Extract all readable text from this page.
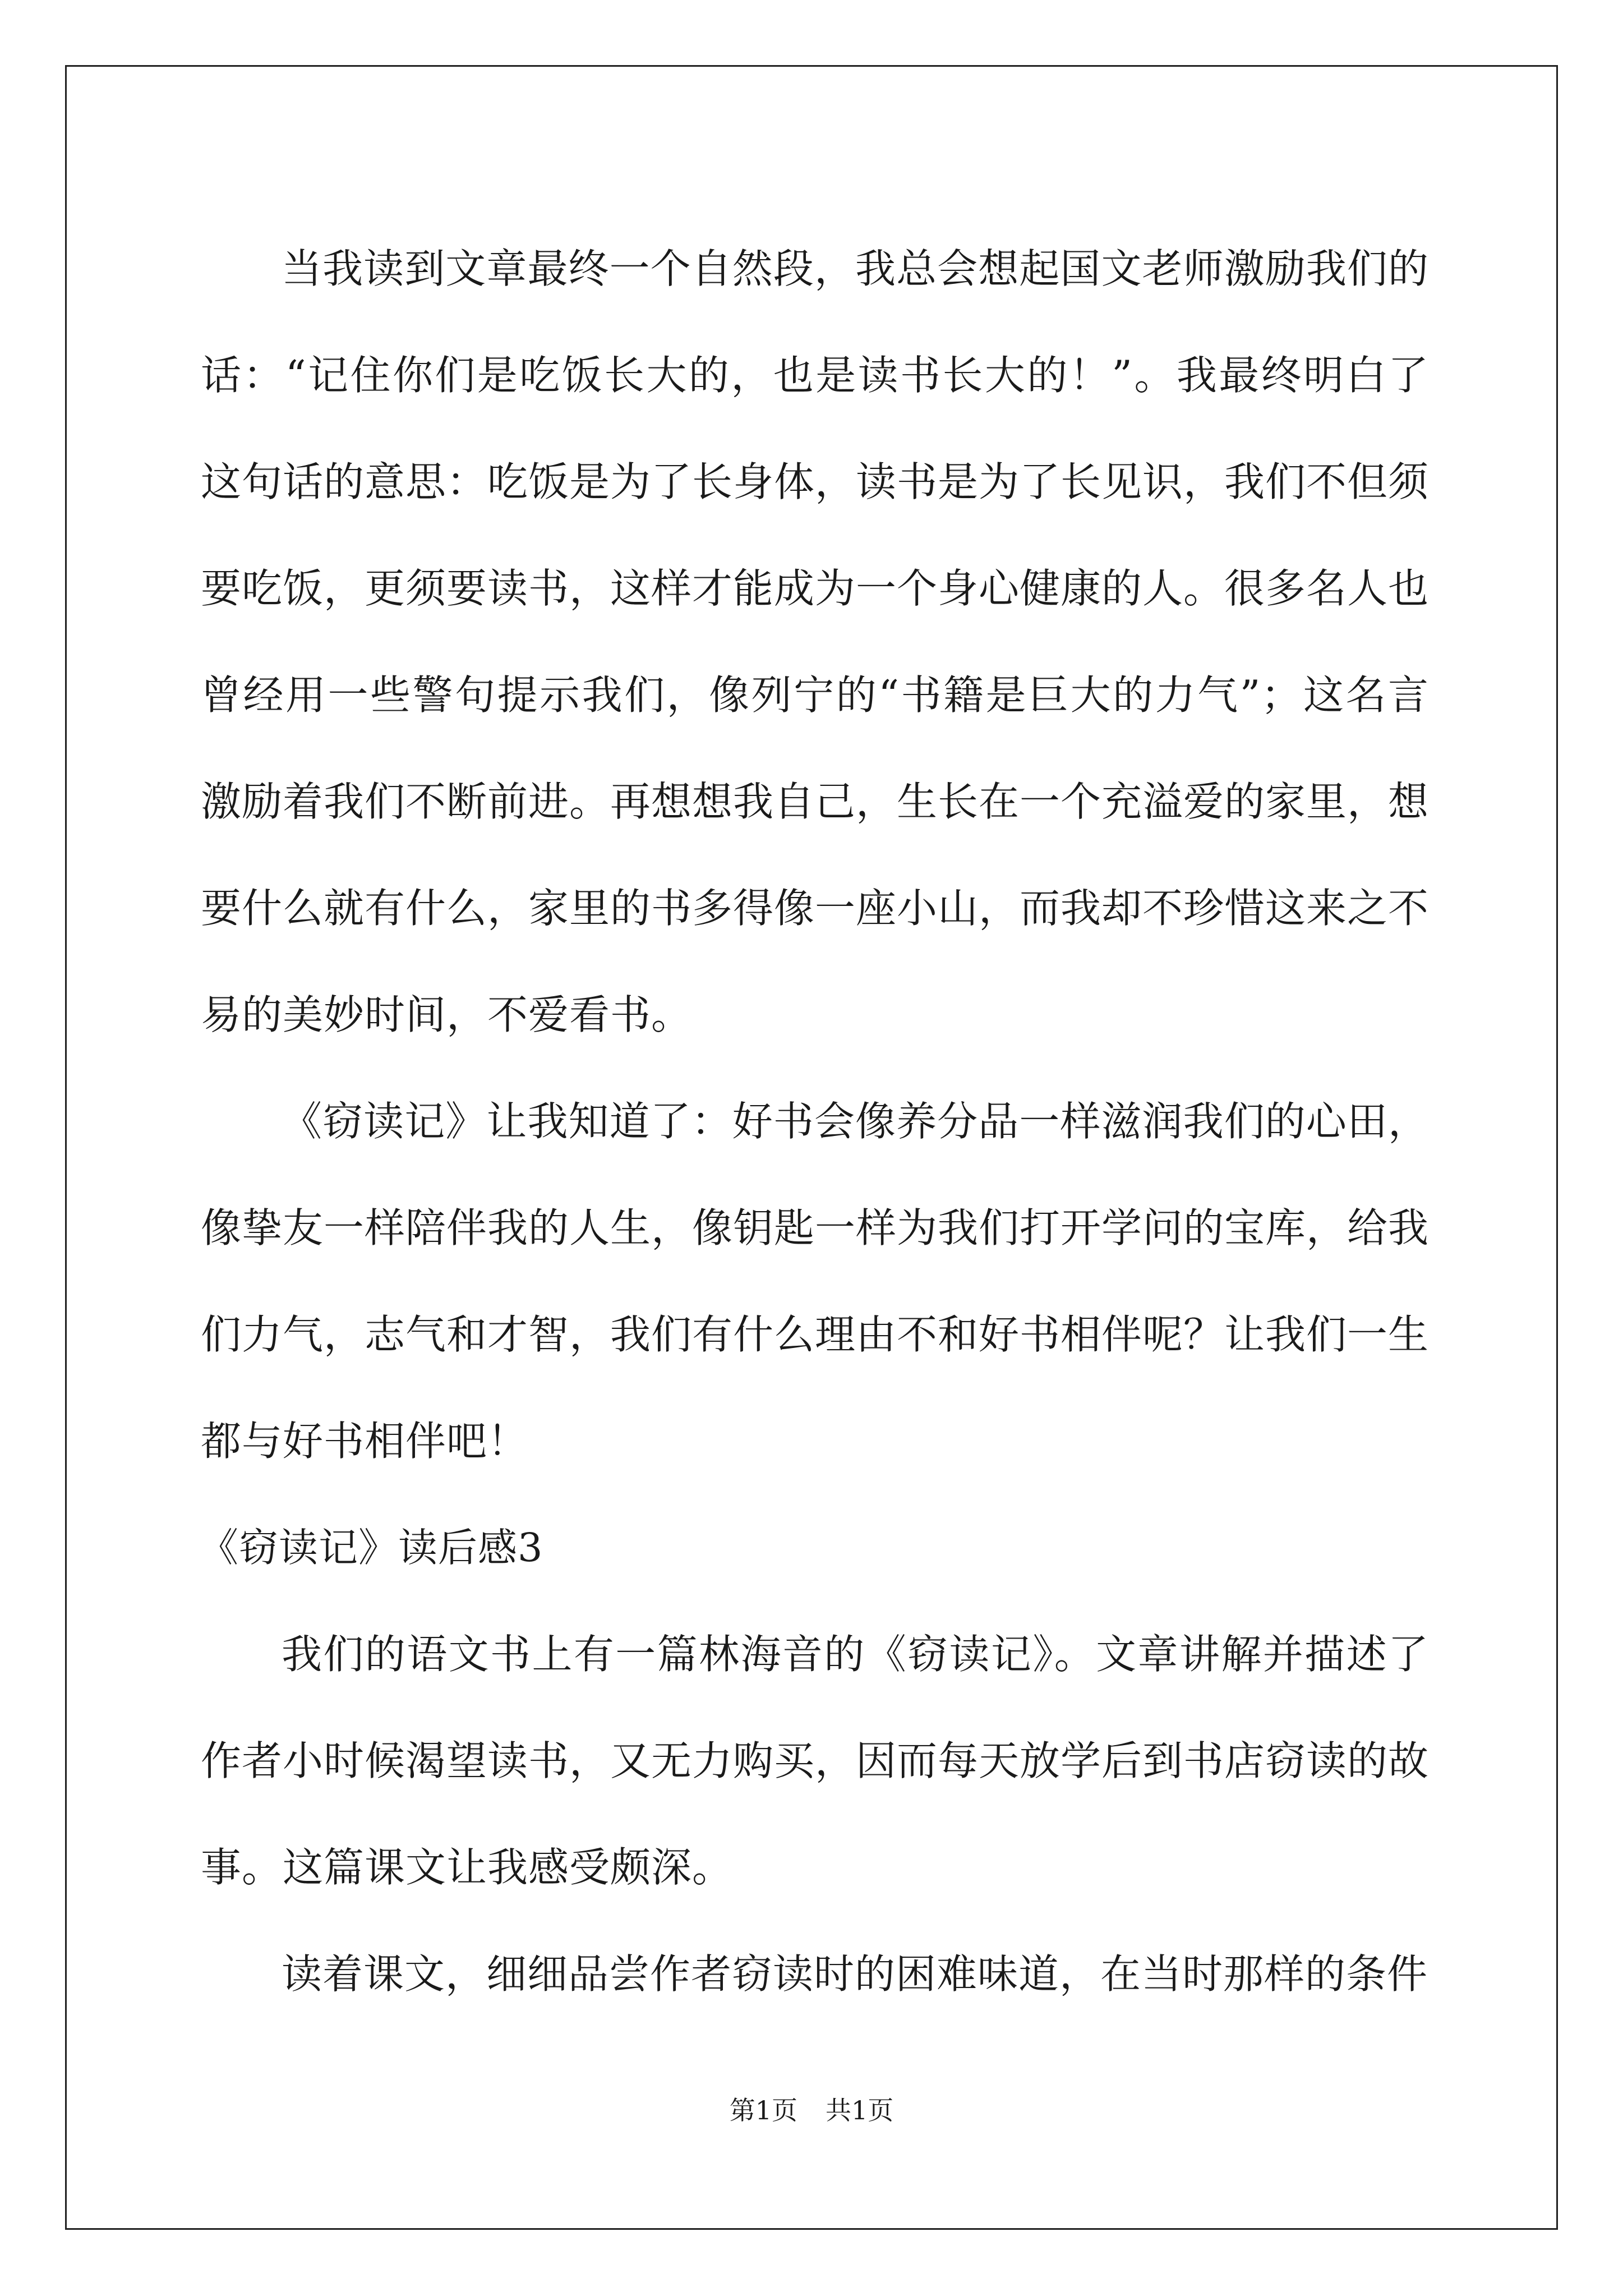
当我读到文章最终一个自然段，我总会想起国文老师激励我们的话：“记住你们是吃饭长大的，也是读书长大的！”。我最终明白了这句话的意思：吃饭是为了长身体，读书是为了长见识，我们不但须要吃饭，更须要读书，这样才能成为一个身心健康的人。很多名人也曾经用一些警句提示我们，像列宁的“书籍是巨大的力气”；这名言激励着我们不断前进。再想想我自己，生长在一个充溢爱的家里，想要什么就有什么，家里的书多得像一座小山，而我却不珍惜这来之不易的美妙时间，不爱看书。

《窃读记》让我知道了：好书会像养分品一样滋润我们的心田，像挚友一样陪伴我的人生，像钥匙一样为我们打开学问的宝库，给我们力气，志气和才智，我们有什么理由不和好书相伴呢？让我们一生都与好书相伴吧！

《窃读记》读后感3

我们的语文书上有一篇林海音的《窃读记》。文章讲解并描述了作者小时候渴望读书，又无力购买，因而每天放学后到书店窃读的故事。这篇课文让我感受颇深。

读着课文，细细品尝作者窃读时的困难味道，在当时那样的条件

第1页 共1页
